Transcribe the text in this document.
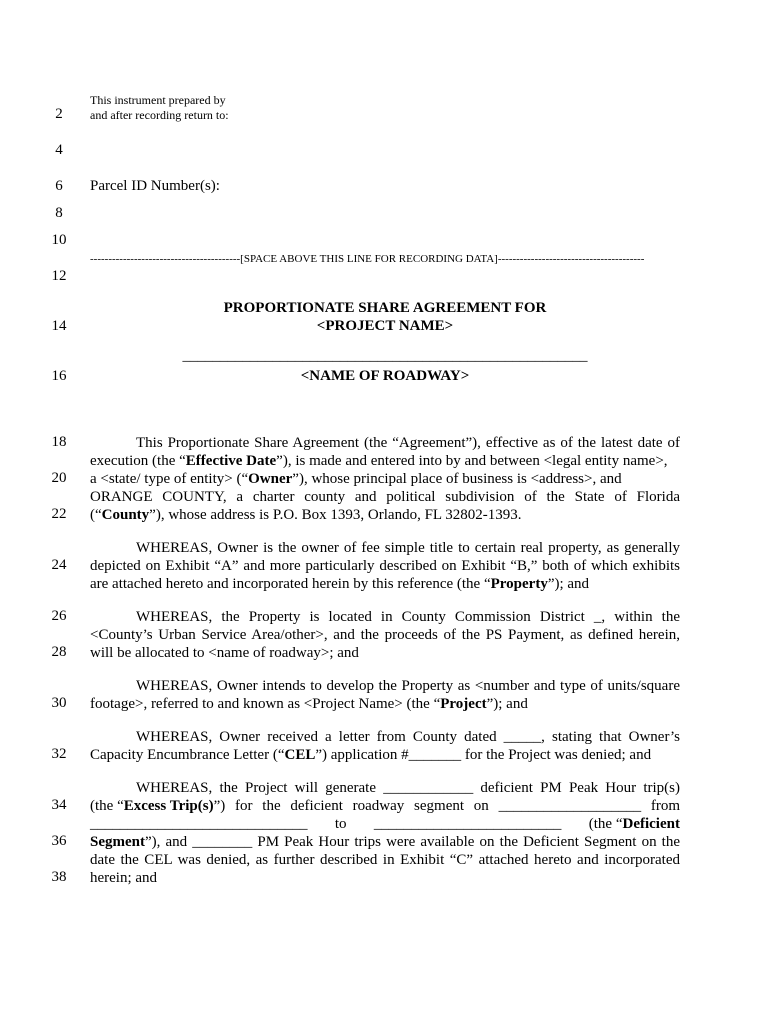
This instrument prepared by
and after recording return to:
2
4
6
8
10
12
14
16
18
20
22
24
26
28
30
32
34
36
38
Parcel ID Number(s):
-----------------------------------------[SPACE ABOVE THIS LINE FOR RECORDING DATA]----------------------------------------
PROPORTIONATE SHARE AGREEMENT FOR
<PROJECT NAME>
______________________________________________________
<NAME OF ROADWAY>
This Proportionate Share Agreement (the “Agreement”), effective as of the latest date of
execution (the “Effective Date”), is made and entered into by and between <legal entity name>,
a <state/ type of entity> (“Owner”), whose principal place of business is <address>, and
ORANGE COUNTY, a charter county and political subdivision of the State of Florida
(“County”), whose address is P.O. Box 1393, Orlando, FL 32802-1393.
WHEREAS, Owner is the owner of fee simple title to certain real property, as generally
depicted on Exhibit “A” and more particularly described on Exhibit “B,” both of which exhibits
are attached hereto and incorporated herein by this reference (the “Property”); and
WHEREAS, the Property is located in County Commission District _, within the
<County’s Urban Service Area/other>, and the proceeds of the PS Payment, as defined herein,
will be allocated to <name of roadway>; and
WHEREAS, Owner intends to develop the Property as <number and type of units/square
footage>, referred to and known as <Project Name> (the “Project”); and
WHEREAS, Owner received a letter from County dated _____, stating that Owner’s
Capacity Encumbrance Letter (“CEL”) application #_______ for the Project was denied; and
WHEREAS, the Project will generate ____________ deficient PM Peak Hour trip(s)
(the “ Excess Trip(s) ”) for the deficient roadway segment on ___________________ from
_____________________________ to _________________________ (the “Deficient
Segment ”), and ________ PM Peak Hour trips were available on the Deficient Segment on the
date the CEL was denied, as further described in Exhibit “C” attached hereto and incorporated
herein; and
